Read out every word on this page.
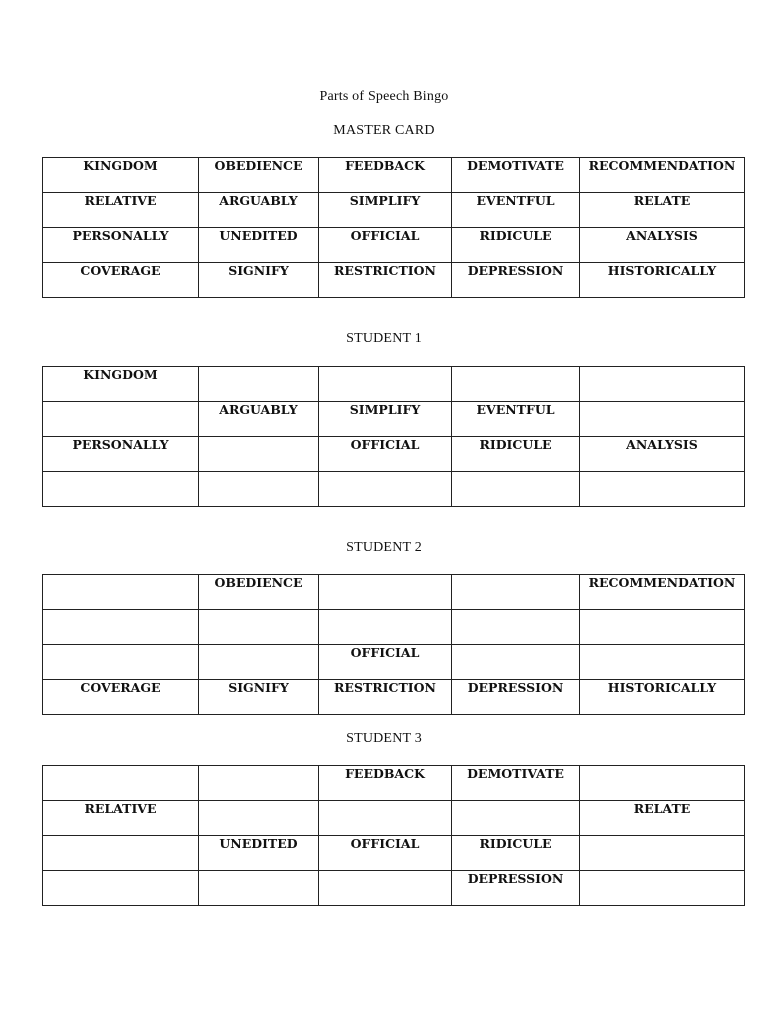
Parts of Speech Bingo
MASTER CARD
KINGDOM	OBEDIENCE	FEEDBACK	DEMOTIVATE	RECOMMENDATION

RELATIVE	ARGUABLY	SIMPLIFY	EVENTFUL	RELATE

PERSONALLY	UNEDITED	OFFICIAL	RIDICULE	ANALYSIS

COVERAGE	SIGNIFY	RESTRICTION	DEPRESSION	HISTORICALLY
STUDENT 1
KINGDOM				

	ARGUABLY	SIMPLIFY	EVENTFUL	

PERSONALLY		OFFICIAL	RIDICULE	ANALYSIS

STUDENT 2

	OBEDIENCE			RECOMMENDATION

		OFFICIAL		

COVERAGE	SIGNIFY	RESTRICTION	DEPRESSION	HISTORICALLY
STUDENT 3

		FEEDBACK	DEMOTIVATE	

RELATIVE				RELATE

	UNEDITED	OFFICIAL	RIDICULE	

			DEPRESSION	
